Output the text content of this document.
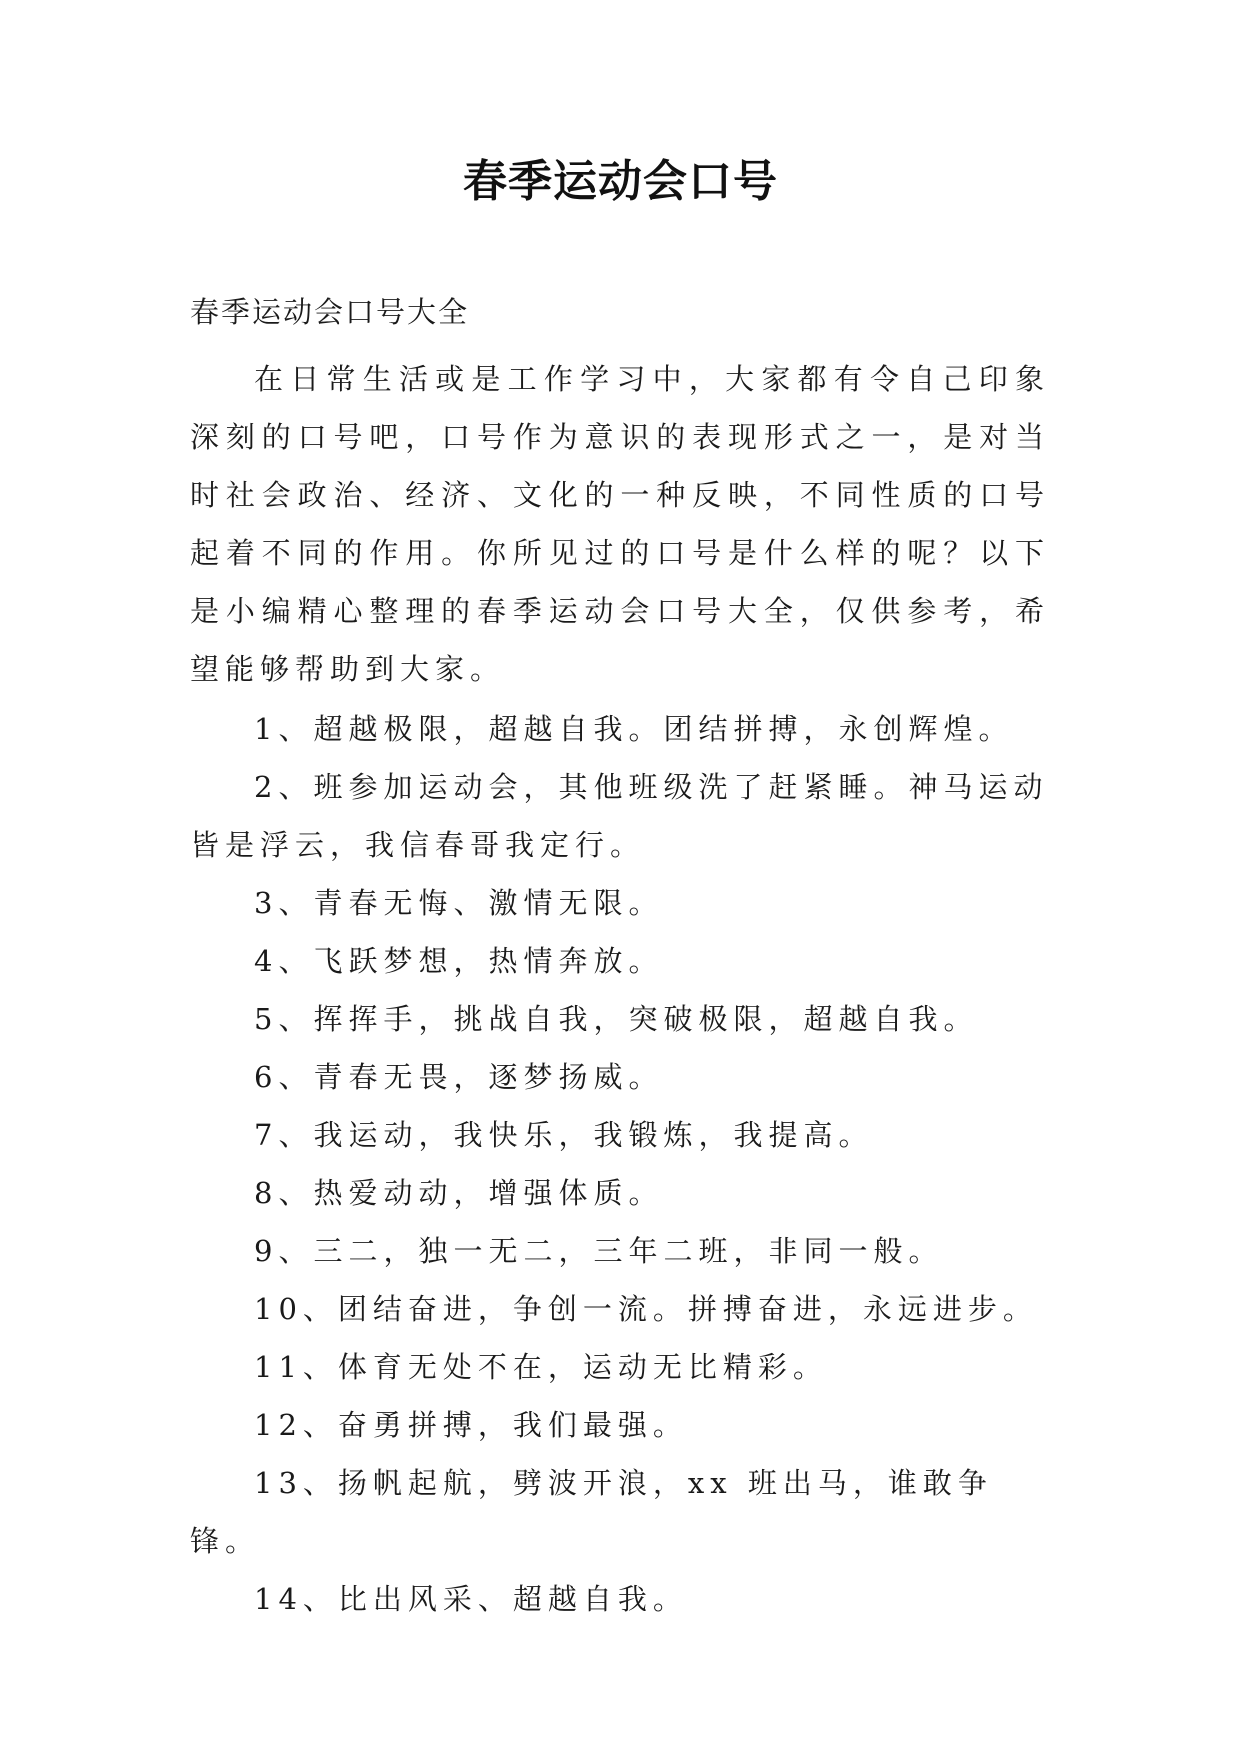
春季运动会口号
春季运动会口号大全

在日常生活或是工作学习中，大家都有令自己印象深刻的口号吧，口号作为意识的表现形式之一，是对当时社会政治、经济、文化的一种反映，不同性质的口号起着不同的作用。你所见过的口号是什么样的呢？以下是小编精心整理的春季运动会口号大全，仅供参考，希望能够帮助到大家。

1、超越极限，超越自我。团结拼搏，永创辉煌。
2、班参加运动会，其他班级洗了赶紧睡。神马运动皆是浮云，我信春哥我定行。
3、青春无悔、激情无限。
4、飞跃梦想，热情奔放。
5、挥挥手，挑战自我，突破极限，超越自我。
6、青春无畏，逐梦扬威。
7、我运动，我快乐，我锻炼，我提高。
8、热爱动动，增强体质。
9、三二，独一无二，三年二班，非同一般。
10、团结奋进，争创一流。拼搏奋进，永远进步。
11、体育无处不在，运动无比精彩。
12、奋勇拼搏，我们最强。
13、扬帆起航，劈波开浪，xx 班出马，谁敢争锋。
14、比出风采、超越自我。
